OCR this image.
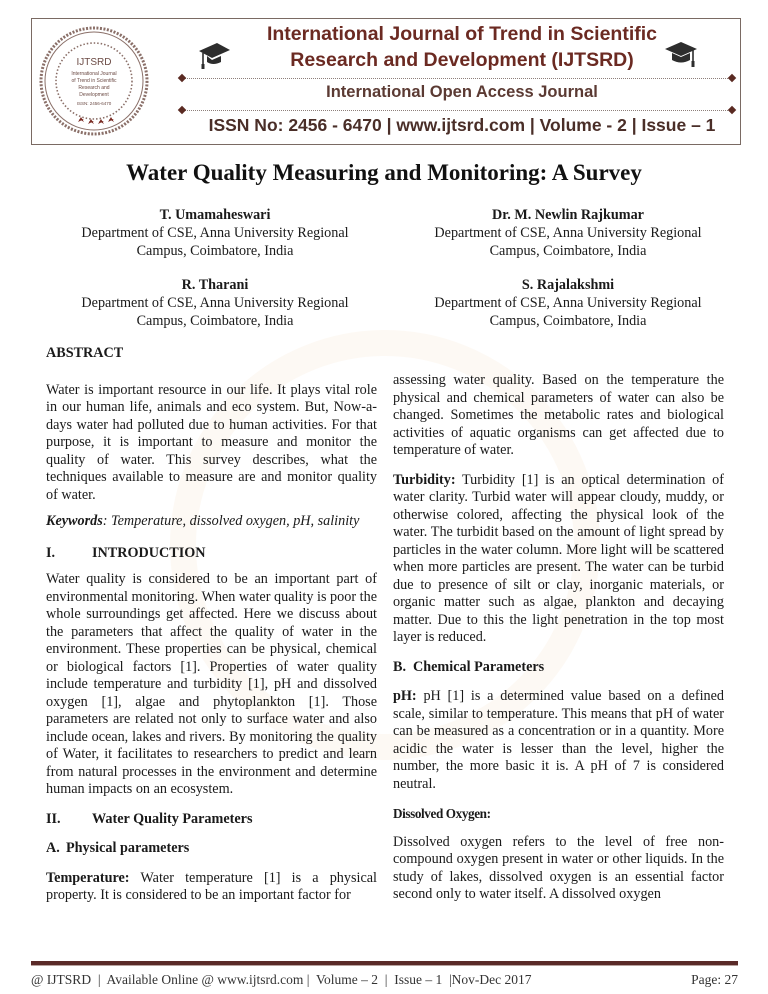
IJTSRD
International Journal
of Trend in Scientific
Research and
Development
ISSN: 2456-6470
International Journal of Trend in Scientific
Research and Development (IJTSRD)
International Open Access Journal
ISSN No: 2456 - 6470 | www.ijtsrd.com | Volume - 2 | Issue – 1
Water Quality Measuring and Monitoring: A Survey
T. Umamaheswari
Department of CSE, Anna University Regional
Campus, Coimbatore, India
Dr. M. Newlin Rajkumar
Department of CSE, Anna University Regional
Campus, Coimbatore, India
R. Tharani
Department of CSE, Anna University Regional
Campus, Coimbatore, India
S. Rajalakshmi
Department of CSE, Anna University Regional
Campus, Coimbatore, India
ABSTRACT

Water is important resource in our life. It plays vital role in our human life, animals and eco system. But, Now-a-days water had polluted due to human activities. For that purpose, it is important to measure and monitor the quality of water. This survey describes, what the techniques available to measure are and monitor quality of water.

Keywords: Temperature, dissolved oxygen, pH, salinity

I.	INTRODUCTION

Water quality is considered to be an important part of environmental monitoring. When water quality is poor the whole surroundings get affected. Here we discuss about the parameters that affect the quality of water in the environment. These properties can be physical, chemical or biological factors [1]. Properties of water quality include temperature and turbidity [1], pH and dissolved oxygen [1], algae and phytoplankton [1]. Those parameters are related not only to surface water and also include ocean, lakes and rivers. By monitoring the quality of Water, it facilitates to researchers to predict and learn from natural processes in the environment and determine human impacts on an ecosystem.

II. Water Quality Parameters
A. Physical parameters

Temperature: Water temperature [1] is a physical property. It is considered to be an important factor for

assessing water quality. Based on the temperature the physical and chemical parameters of water can also be changed. Sometimes the metabolic rates and biological activities of aquatic organisms can get affected due to temperature of water.

Turbidity: Turbidity [1] is an optical determination of water clarity. Turbid water will appear cloudy, muddy, or otherwise colored, affecting the physical look of the water. The turbidit based on the amount of light spread by particles in the water column. More light will be scattered when more particles are present. The water can be turbid due to presence of silt or clay, inorganic materials, or organic matter such as algae, plankton and decaying matter. Due to this the light penetration in the top most layer is reduced.

B. Chemical Parameters

pH: pH [1] is a determined value based on a defined scale, similar to temperature. This means that pH of water can be measured as a concentration or in a quantity. More acidic the water is lesser than the level, higher the number, the more basic it is. A pH of 7 is considered neutral.

Dissolved Oxygen:

Dissolved oxygen refers to the level of free non-compound oxygen present in water or other liquids. In the study of lakes, dissolved oxygen is an essential factor second only to water itself. A dissolved oxygen

@ IJTSRD  |  Available Online @ www.ijtsrd.com |  Volume – 2  |  Issue – 1  |Nov-Dec 2017	Page: 27
